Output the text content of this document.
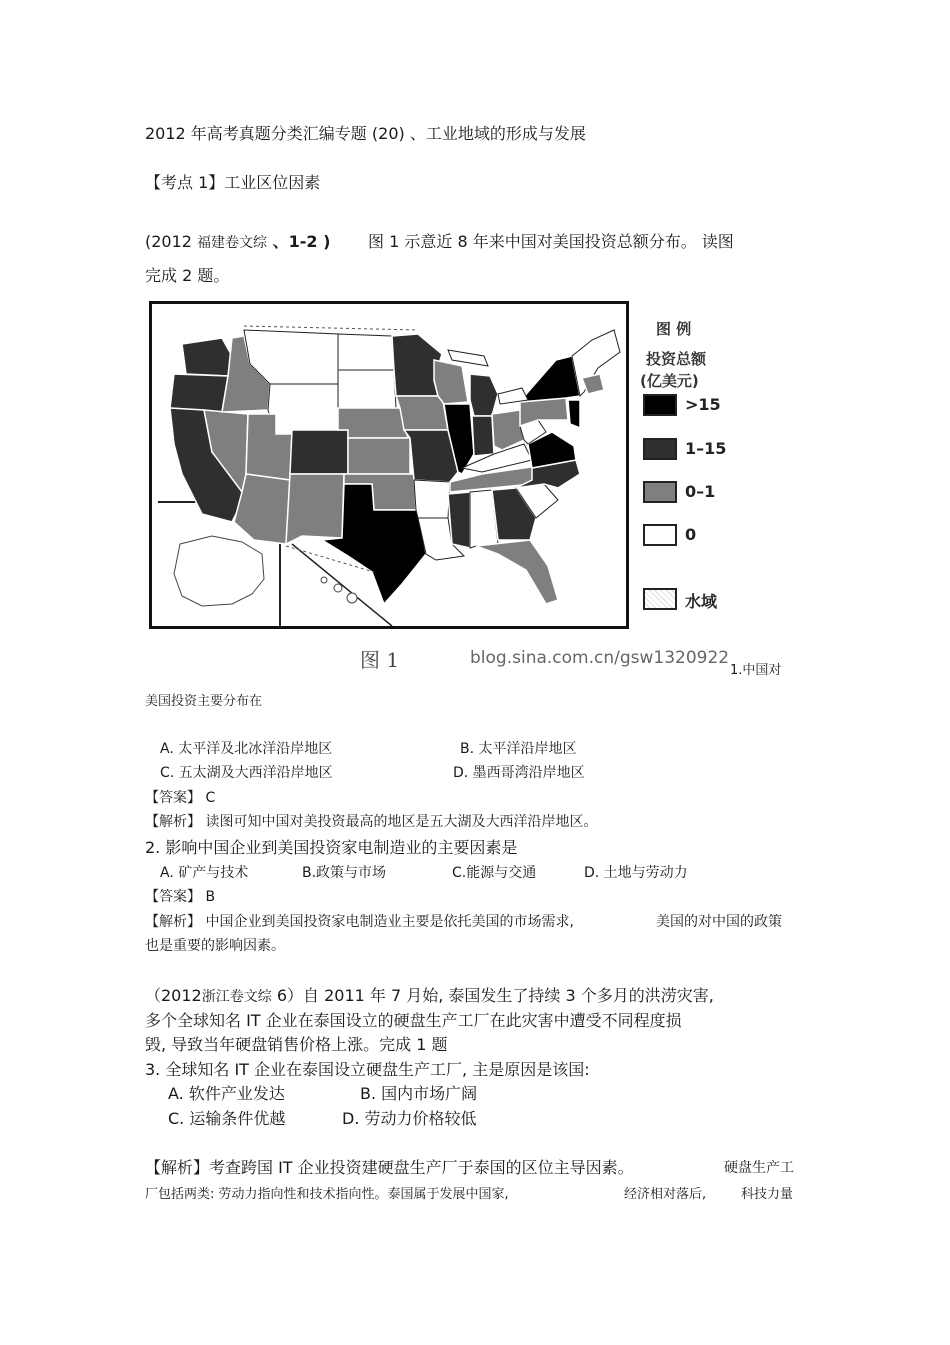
2012 年高考真题分类汇编专题 (20) 、工业地域的形成与发展
【考点 1】工业区位因素
(2012 福建卷文综 、1-2 ) 图 1 示意近 8 年来中国对美国投资总额分布。 读图
完成 2 题。
图 例
投资总额
(亿美元)
>15
1–15
0–1
0
水域
图 1	blog.sina.com.cn/gsw1320922
1.中国对
美国投资主要分布在
A. 太平洋及北冰洋沿岸地区	B. 太平洋沿岸地区
C. 五太湖及大西洋沿岸地区	D. 墨西哥湾沿岸地区
【答案】 C
【解析】 读图可知中国对美投资最高的地区是五大湖及大西洋沿岸地区。
2. 影响中国企业到美国投资家电制造业的主要因素是
A. 矿产与技术	B.政策与市场	C.能源与交通	D. 土地与劳动力
【答案】 B
【解析】 中国企业到美国投资家电制造业主要是依托美国的市场需求,	美国的对中国的政策
也是重要的影响因素。
（2012浙江卷文综 6）自 2011 年 7 月始, 泰国发生了持续 3 个多月的洪涝灾害,
多个全球知名 IT 企业在泰国设立的硬盘生产工厂在此灾害中遭受不同程度损
毁, 导致当年硬盘销售价格上涨。完成 1 题
3. 全球知名 IT 企业在泰国设立硬盘生产工厂, 主是原因是该国:
A. 软件产业发达	B. 国内市场广阔
C. 运输条件优越	D. 劳动力价格较低
【解析】考查跨国 IT 企业投资建硬盘生产厂于泰国的区位主导因素。	硬盘生产工
厂包括两类: 劳动力指向性和技术指向性。泰国属于发展中国家,	经济相对落后,	科技力量
